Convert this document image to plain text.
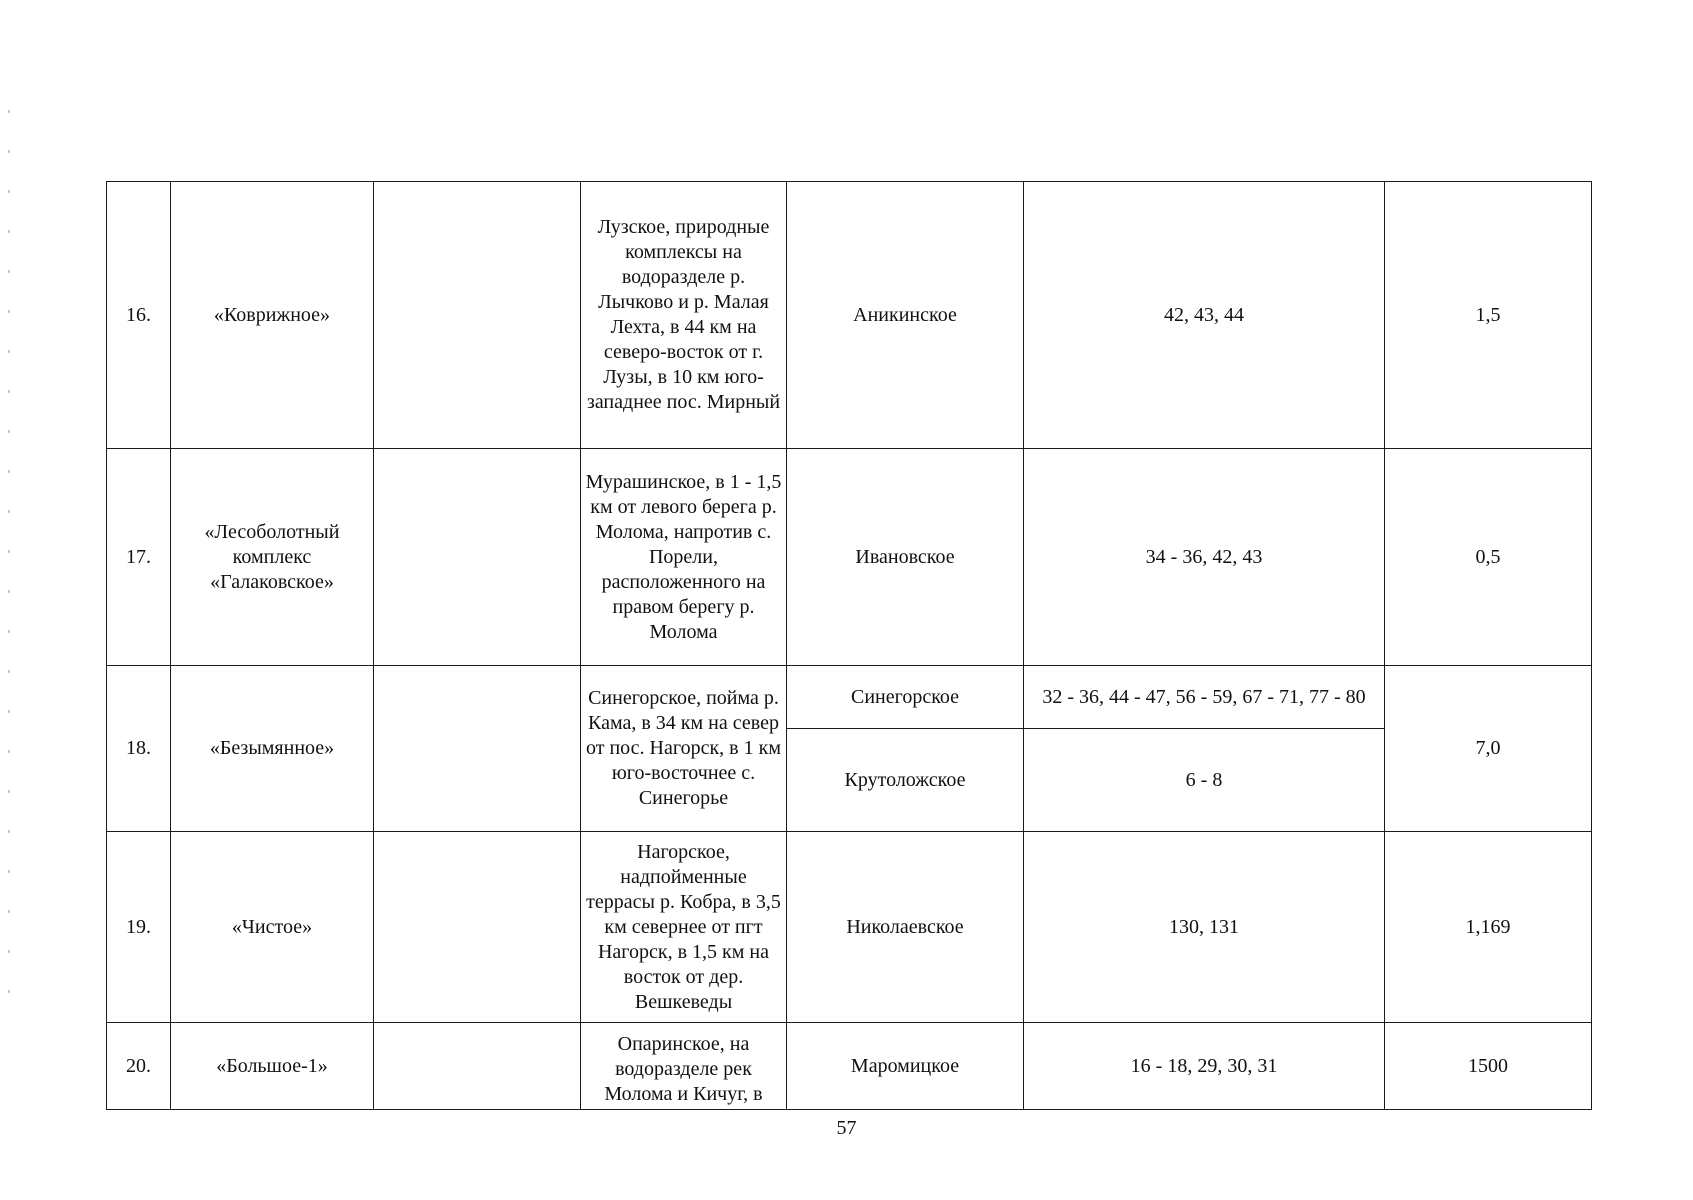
16.	«Коврижное»		Лузское, природные комплексы на водоразделе р. Лычково и р. Малая Лехта, в 44 км на северо-восток от г. Лузы, в 10 км юго-западнее пос. Мирный	Аникинское	42, 43, 44	1,5
17.	«Лесоболотный комплекс «Галаковское»		Мурашинское, в 1 - 1,5 км от левого берега р. Молома, напротив с. Порели, расположенного на правом берегу р. Молома	Ивановское	34 - 36, 42, 43	0,5
18.	«Безымянное»		Синегорское, пойма р. Кама, в 34 км на север от пос. Нагорск, в 1 км юго-восточнее с. Синегорье	Синегорское	32 - 36, 44 - 47, 56 - 59, 67 - 71, 77 - 80	7,0
				Крутоложское	6 - 8	
19.	«Чистое»		Нагорское, надпойменные террасы р. Кобра, в 3,5 км севернее от пгт Нагорск, в 1,5 км на восток от дер. Вешкеведы	Николаевское	130, 131	1,169
20.	«Большое-1»		Опаринское, на водоразделе рек Молома и Кичуг, в	Маромицкое	16 - 18, 29, 30, 31	1500
57
